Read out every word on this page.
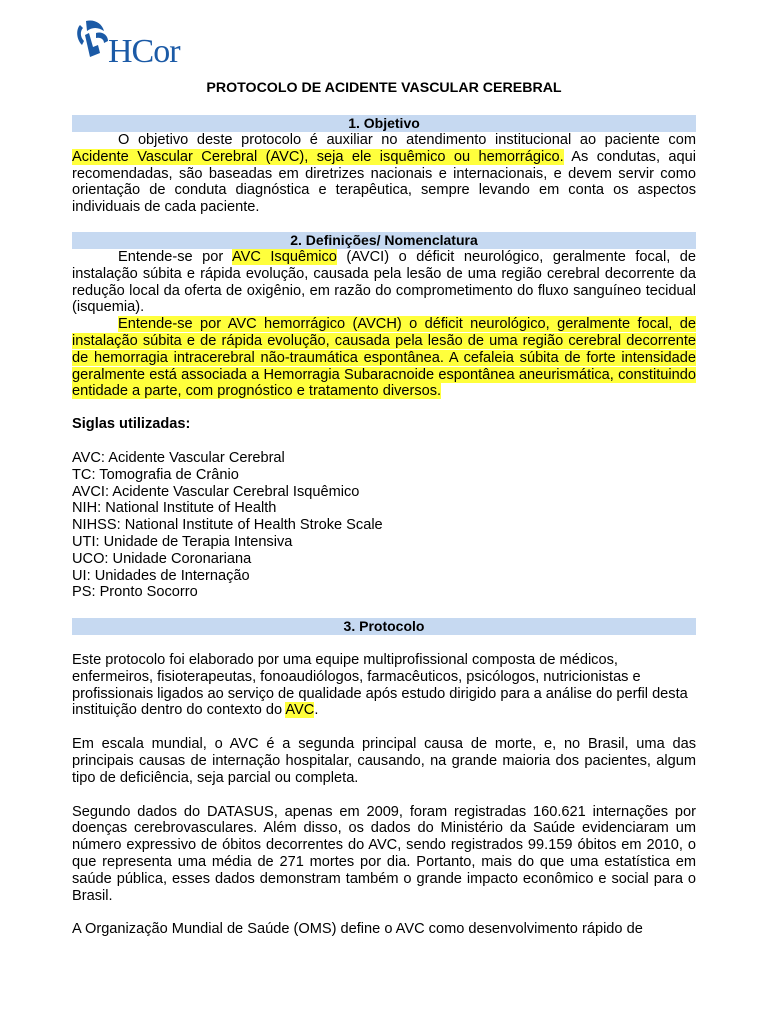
HCor
PROTOCOLO DE ACIDENTE VASCULAR CEREBRAL
1. Objetivo

O objetivo deste protocolo é auxiliar no atendimento institucional ao paciente com Acidente Vascular Cerebral (AVC), seja ele isquêmico ou hemorrágico. As condutas, aqui recomendadas, são baseadas em diretrizes nacionais e internacionais, e devem servir como orientação de conduta diagnóstica e terapêutica, sempre levando em conta os aspectos individuais de cada paciente.

2. Definições/ Nomenclatura

Entende-se por AVC Isquêmico (AVCI) o déficit neurológico, geralmente focal, de instalação súbita e rápida evolução, causada pela lesão de uma região cerebral decorrente da redução local da oferta de oxigênio, em razão do comprometimento do fluxo sanguíneo tecidual (isquemia).

Entende-se por AVC hemorrágico (AVCH) o déficit neurológico, geralmente focal, de instalação súbita e de rápida evolução, causada pela lesão de uma região cerebral decorrente de hemorragia intracerebral não-traumática espontânea. A cefaleia súbita de forte intensidade geralmente está associada a Hemorragia Subaracnoide espontânea aneurismática, constituindo entidade a parte, com prognóstico e tratamento diversos.

Siglas utilizadas:
AVC: Acidente Vascular Cerebral
TC: Tomografia de Crânio
AVCI: Acidente Vascular Cerebral Isquêmico
NIH: National Institute of Health
NIHSS: National Institute of Health Stroke Scale
UTI: Unidade de Terapia Intensiva
UCO: Unidade Coronariana
UI: Unidades de Internação
PS: Pronto Socorro
3. Protocolo

Este protocolo foi elaborado por uma equipe multiprofissional composta de médicos, enfermeiros, fisioterapeutas, fonoaudiólogos, farmacêuticos, psicólogos, nutricionistas e profissionais ligados ao serviço de qualidade após estudo dirigido para a análise do perfil desta instituição dentro do contexto do AVC.

Em escala mundial, o AVC é a segunda principal causa de morte, e, no Brasil, uma das principais causas de internação hospitalar, causando, na grande maioria dos pacientes, algum tipo de deficiência, seja parcial ou completa.

Segundo dados do DATASUS, apenas em 2009, foram registradas 160.621 internações por doenças cerebrovasculares. Além disso, os dados do Ministério da Saúde evidenciaram um número expressivo de óbitos decorrentes do AVC, sendo registrados 99.159 óbitos em 2010, o que representa uma média de 271 mortes por dia. Portanto, mais do que uma estatística em saúde pública, esses dados demonstram também o grande impacto econômico e social para o Brasil.

A Organização Mundial de Saúde (OMS) define o AVC como desenvolvimento rápido de
